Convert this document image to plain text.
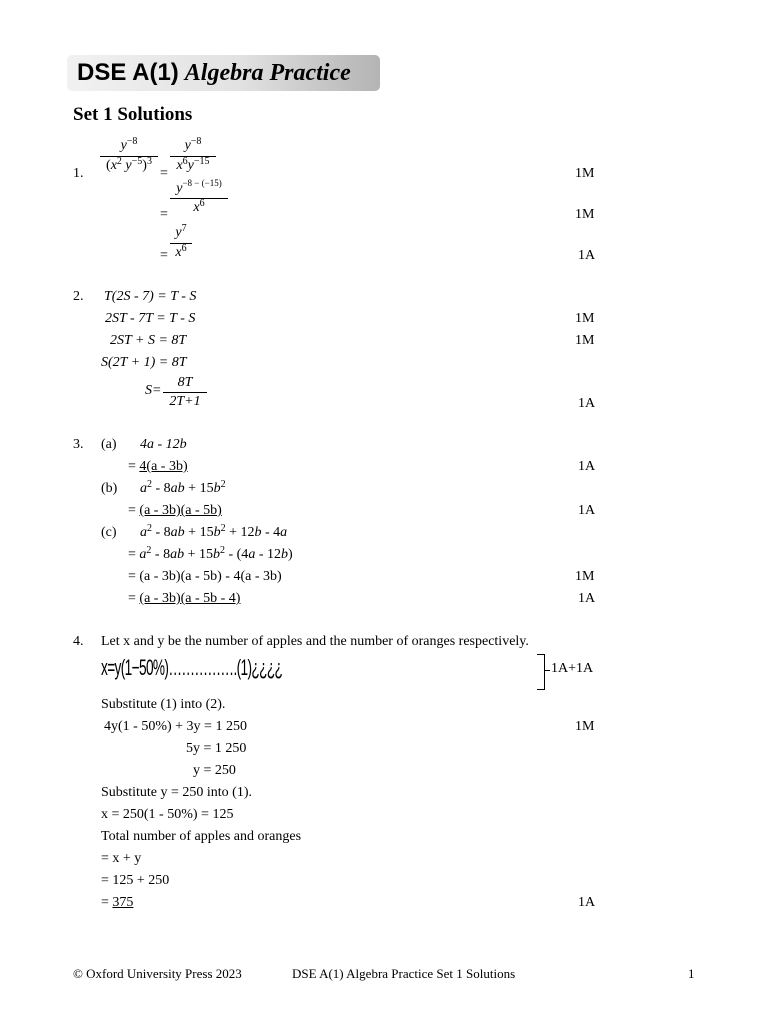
DSE A(1) Algebra Practice
Set 1 Solutions
1. $\frac{y^{-8}}{(x^2 y^{-5})^3} = \frac{y^{-8}}{x^6y^{-15}}$	1M
= $\frac{y^{-8 - (-15)}}{x^6}$	1M
= $\frac{y^7}{x^6}$	1A
2. T(2S - 7) = T - S
2ST - 7T = T - S	1M
2ST + S = 8T	1M
S(2T + 1) = 8T
$S= \frac{8T}{2T+1}$	1A
3. (a) 4a - 12b
= 4(a - 3b)	1A
(b) $a^2 - 8ab + 15b^2$
= (a - 3b)(a - 5b)	1A
(c) $a^2 - 8ab + 15b^2 + 12b - 4a$
= $a^2 - 8ab + 15b^2 - (4a - 12b)$
= (a - 3b)(a - 5b) - 4(a - 3b)	1M
= (a - 3b)(a - 5b - 4)	1A
4. Let x and y be the number of apples and the number of oranges respectively.
x=y(1−50%)…………….(1)¿¿¿¿	1A+1A
Substitute (1) into (2).
4y(1 - 50%) + 3y = 1 250	1M
5y = 1 250
y = 250
Substitute y = 250 into (1).
x = 250(1 - 50%) = 125
Total number of apples and oranges
= x + y
= 125 + 250
= 375	1A
© Oxford University Press 2023	DSE A(1) Algebra Practice Set 1 Solutions	1
